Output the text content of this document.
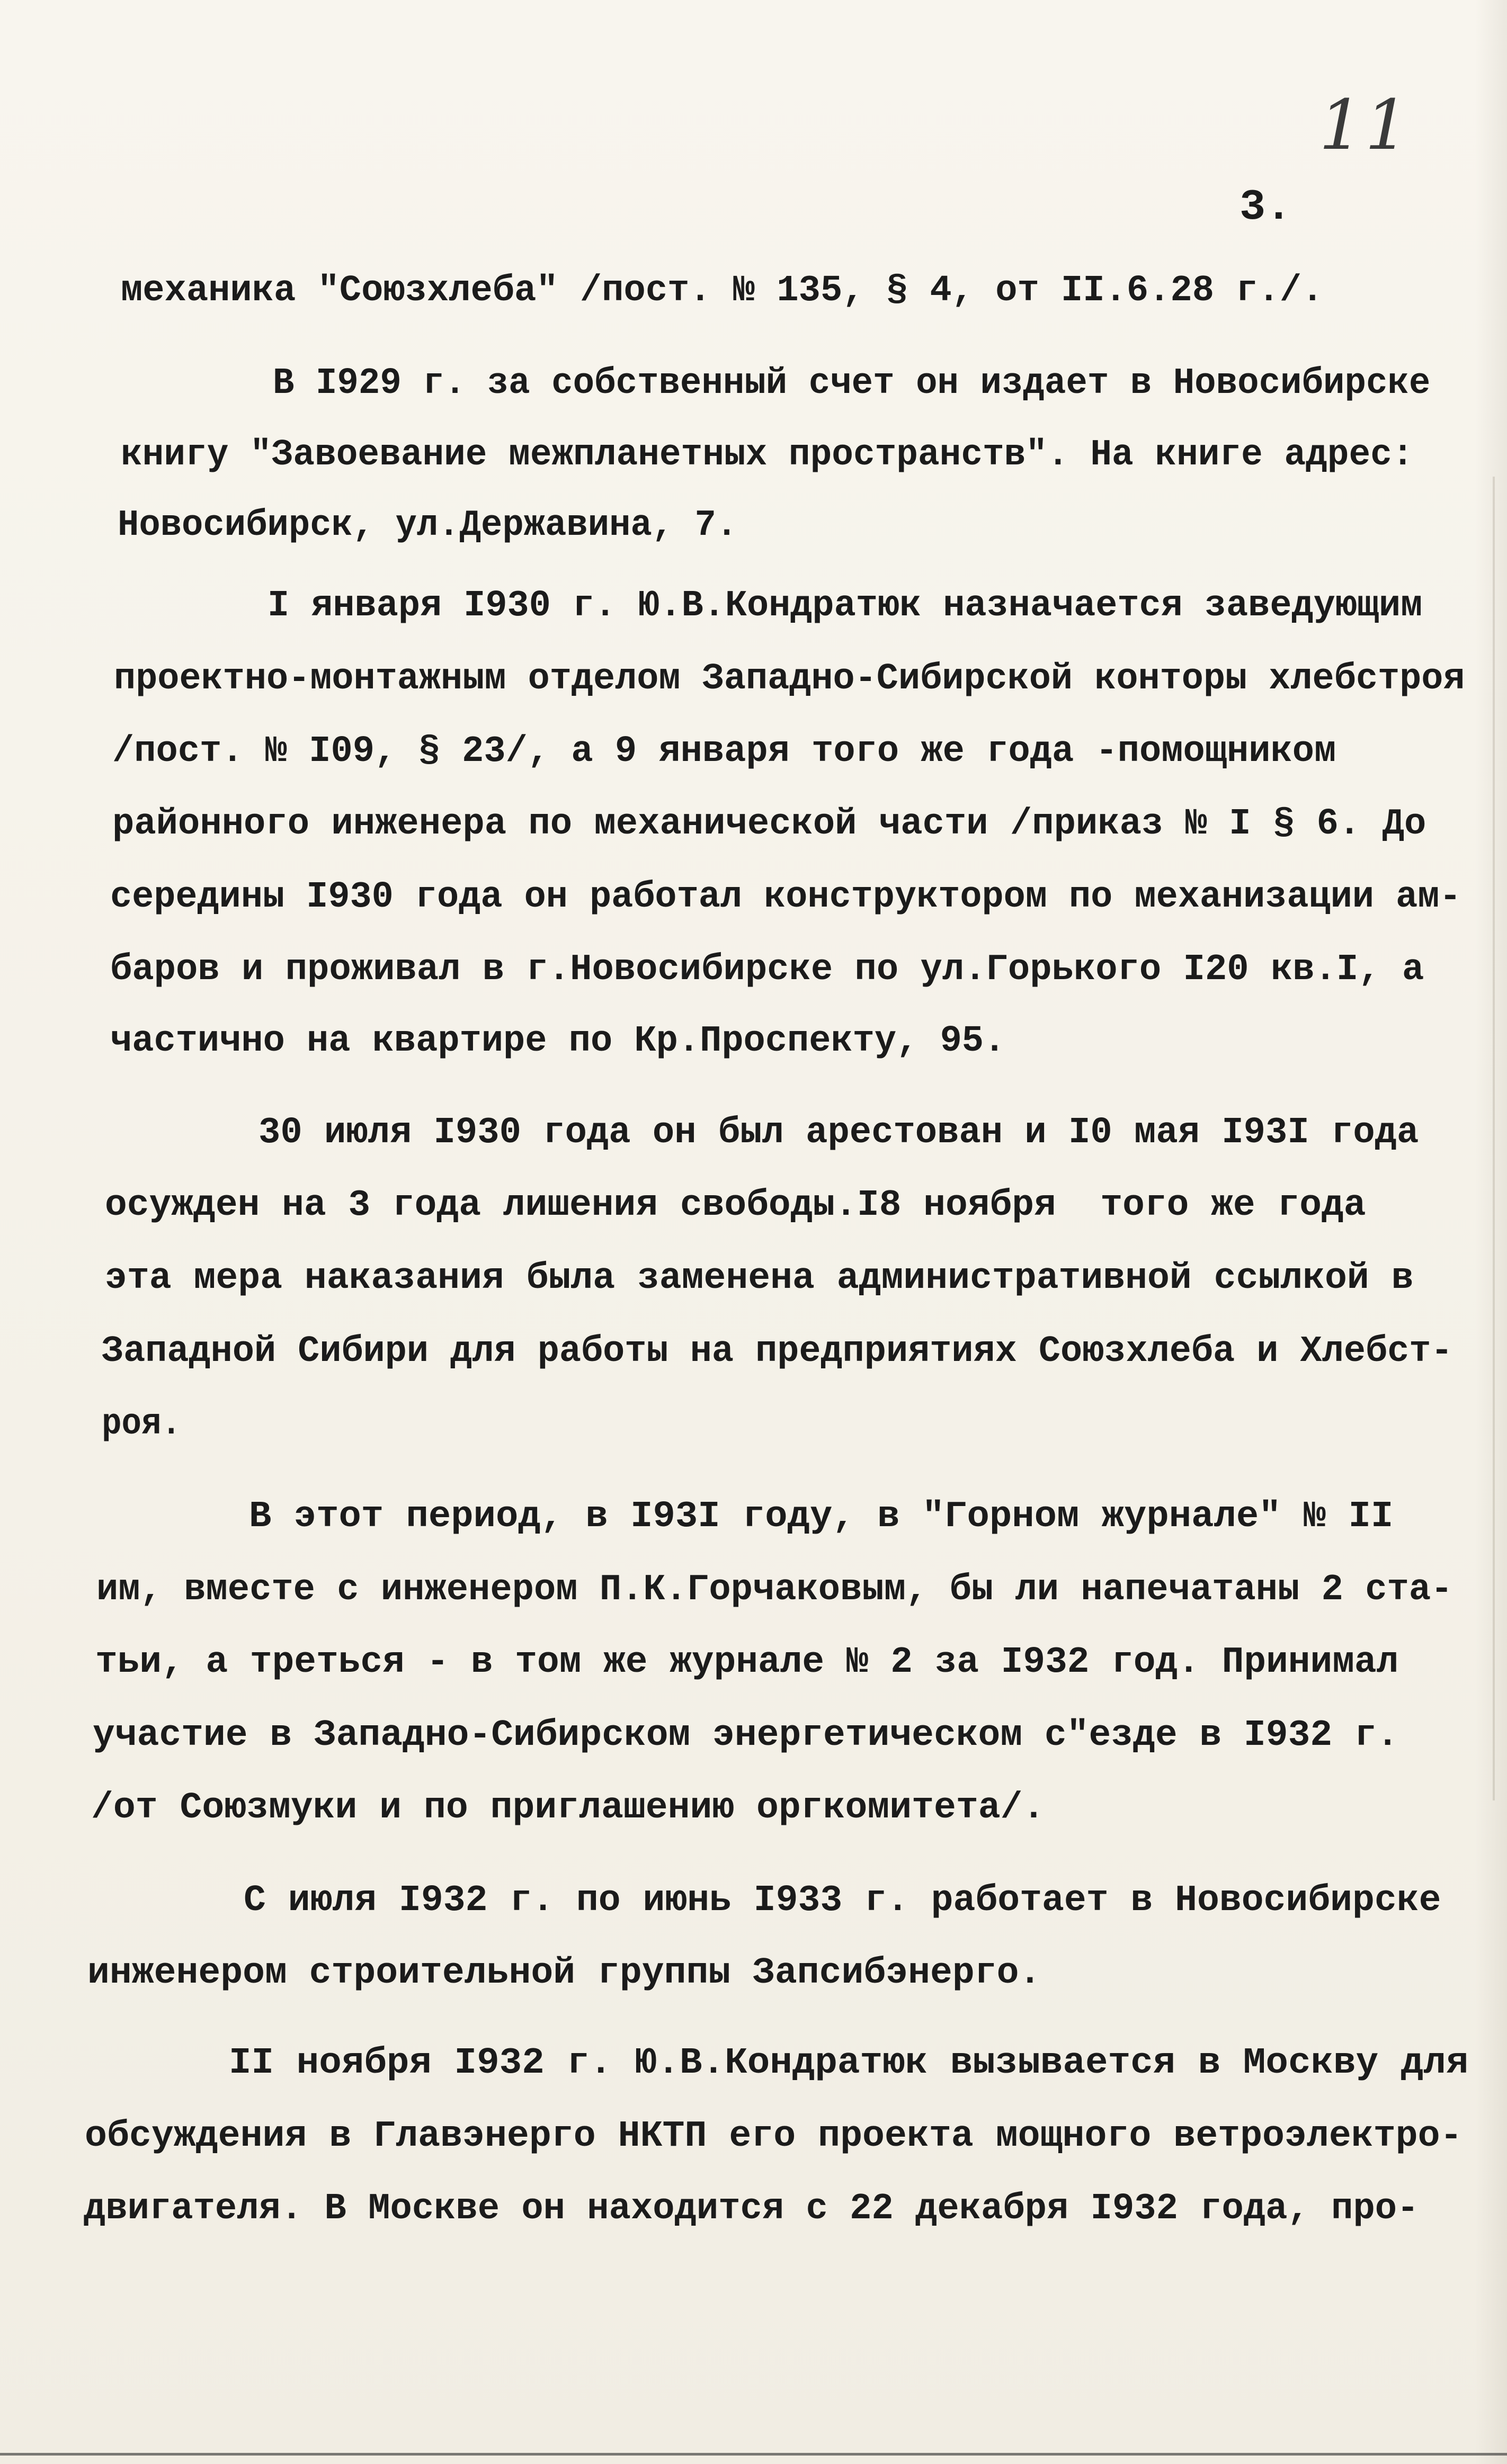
11
3.
механика "Союзхлеба" /пост. № 135, § 4, от II.6.28 г./.
В I929 г. за собственный счет он издает в Новосибирске
книгу "Завоевание межпланетных пространств". На книге адрес:
Новосибирск, ул.Державина, 7.
I января I930 г. Ю.В.Кондратюк назначается заведующим
проектно-монтажным отделом Западно-Сибирской конторы хлебстроя
/пост. № I09, § 23/, а 9 января того же года -помощником
районного инженера по механической части /приказ № I § 6. До
середины I930 года он работал конструктором по механизации ам-
баров и проживал в г.Новосибирске по ул.Горького I20 кв.I, а
частично на квартире по Кр.Проспекту, 95.
30 июля I930 года он был арестован и I0 мая I93I года
осужден на 3 года лишения свободы.I8 ноября  того же года
эта мера наказания была заменена административной ссылкой в
Западной Сибири для работы на предприятиях Союзхлеба и Хлебст-
роя.
В этот период, в I93I году, в "Горном журнале" № II
им, вместе с инженером П.К.Горчаковым, бы ли напечатаны 2 ста-
тьи, а треться - в том же журнале № 2 за I932 год. Принимал
участие в Западно-Сибирском энергетическом с"езде в I932 г.
/от Союзмуки и по приглашению оргкомитета/.
С июля I932 г. по июнь I933 г. работает в Новосибирске
инженером строительной группы Запсибэнерго.
II ноября I932 г. Ю.В.Кондратюк вызывается в Москву для
обсуждения в Главэнерго НКТП его проекта мощного ветроэлектро-
двигателя. В Москве он находится с 22 декабря I932 года, про-
